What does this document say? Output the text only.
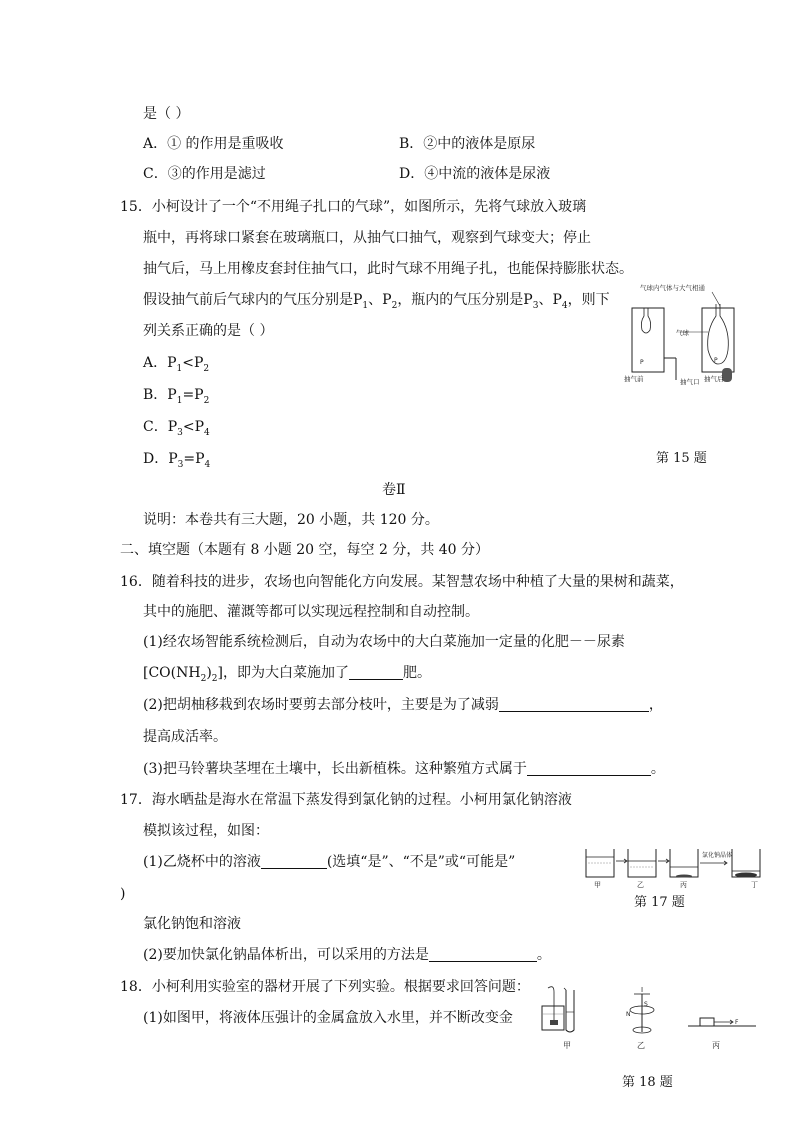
是（ ）
A．① 的作用是重吸收	B．②中的液体是原尿
C．③的作用是滤过	D．④中流的液体是尿液
15．小柯设计了一个“不用绳子扎口的气球”，如图所示，先将气球放入玻璃
瓶中，再将球口紧套在玻璃瓶口，从抽气口抽气，观察到气球变大；停止
抽气后，马上用橡皮套封住抽气口，此时气球不用绳子扎，也能保持膨胀状态。
假设抽气前后气球内的气压分别是$P_1$、$P_2$，瓶内的气压分别是$P_3$、$P_4$，则下
列关系正确的是（ ）
A．$P_1<P_2$
B．$P_1=P_2$
C．$P_3<P_4$
D．$P_3=P_4$
气球内气体与大气相通
P
抽气前	抽气口
气球
P
抽气后
第 15 题
卷Ⅱ
说明：本卷共有三大题，20 小题，共 120 分。
二、填空题（本题有 8 小题 20 空，每空 2 分，共 40 分）
16．随着科技的进步，农场也向智能化方向发展。某智慧农场中种植了大量的果树和蔬菜，
其中的施肥、灌溉等都可以实现远程控制和自动控制。
(1)经农场智能系统检测后，自动为农场中的大白菜施加一定量的化肥－－尿素
$[CO(NH_2)_2]$，即为大白菜施加了	肥。
(2)把胡柚移栽到农场时要剪去部分枝叶，主要是为了减弱	，
提高成活率。
(3)把马铃薯块茎埋在土壤中，长出新植株。这种繁殖方式属于	。
17．海水晒盐是海水在常温下蒸发得到氯化钠的过程。小柯用氯化钠溶液
模拟该过程，如图：
(1)乙烧杯中的溶液	(选填“是”、“不是”或“可能是”
)
氯化钠饱和溶液
(2)要加快氯化钠晶体析出，可以采用的方法是	。
甲	乙	丙
氯化钠晶体
丁
第 17 题
18．小柯利用实验室的器材开展了下列实验。根据要求回答问题：
(1)如图甲，将液体压强计的金属盒放入水里，并不断改变金
甲
I
S
N
乙
F
丙
第 18 题
